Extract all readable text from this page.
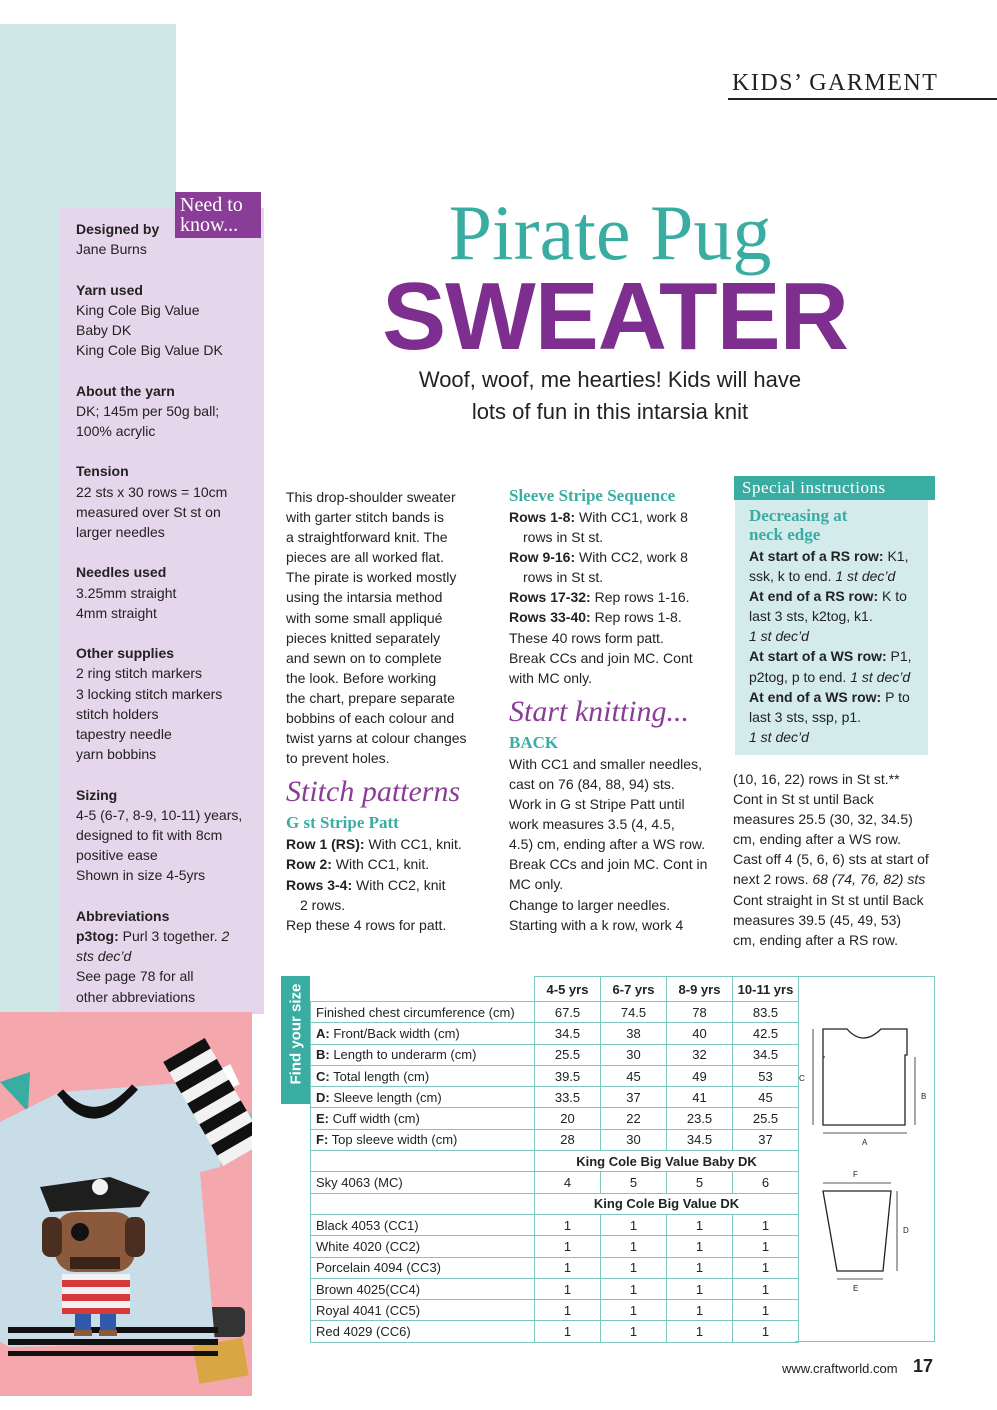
KIDS’ GARMENT
Need to
know...
Designed by
Jane Burns
Yarn used
King Cole Big Value
Baby DK
King Cole Big Value DK
About the yarn
DK; 145m per 50g ball;
100% acrylic
Tension
22 sts x 30 rows = 10cm
measured over St st on
larger needles
Needles used
3.25mm straight
4mm straight
Other supplies
2 ring stitch markers
3 locking stitch markers
stitch holders
tapestry needle
yarn bobbins
Sizing
4-5 (6-7, 8-9, 10-11) years,
designed to fit with 8cm
positive ease
Shown in size 4-5yrs
Abbreviations
p3tog: Purl 3 together. 2
sts dec’d
See page 78 for all
other abbreviations
Pirate Pug
SWEATER
Woof, woof, me hearties! Kids will have
lots of fun in this intarsia knit
This drop-shoulder sweater
with garter stitch bands is
a straightforward knit. The
pieces are all worked flat.
The pirate is worked mostly
using the intarsia method
with some small appliqué
pieces knitted separately
and sewn on to complete
the look. Before working
the chart, prepare separate
bobbins of each colour and
twist yarns at colour changes
to prevent holes.
Stitch patterns
G st Stripe Patt
Row 1 (RS): With CC1, knit.
Row 2: With CC1, knit.
Rows 3-4: With CC2, knit
2 rows.
Rep these 4 rows for patt.
Sleeve Stripe Sequence
Rows 1-8: With CC1, work 8
rows in St st.
Row 9-16: With CC2, work 8
rows in St st.
Rows 17-32: Rep rows 1-16.
Rows 33-40: Rep rows 1-8.
These 40 rows form patt.
Break CCs and join MC. Cont
with MC only.
Start knitting...
BACK
With CC1 and smaller needles,
cast on 76 (84, 88, 94) sts.
Work in G st Stripe Patt until
work measures 3.5 (4, 4.5,
4.5) cm, ending after a WS row.
Break CCs and join MC. Cont in
MC only.
Change to larger needles.
Starting with a k row, work 4
Special instructions
Decreasing at
neck edge
At start of a RS row: K1,
ssk, k to end. 1 st dec’d
At end of a RS row: K to
last 3 sts, k2tog, k1.
1 st dec’d
At start of a WS row: P1,
p2tog, p to end. 1 st dec’d
At end of a WS row: P to
last 3 sts, ssp, p1.
1 st dec’d
(10, 16, 22) rows in St st.**
Cont in St st until Back
measures 25.5 (30, 32, 34.5)
cm, ending after a WS row.
Cast off 4 (5, 6, 6) sts at start of
next 2 rows. 68 (74, 76, 82) sts
Cont straight in St st until Back
measures 39.5 (45, 49, 53)
cm, ending after a RS row.
Find your size
		4-5 yrs	6-7 yrs	8-9 yrs	10-11 yrs
Finished chest circumference (cm)	67.5	74.5	78	83.5
A: Front/Back width (cm)	34.5	38	40	42.5
B: Length to underarm (cm)	25.5	30	32	34.5
C: Total length (cm)	39.5	45	49	53
D: Sleeve length (cm)	33.5	37	41	45
E: Cuff width (cm)	20	22	23.5	25.5
F: Top sleeve width (cm)	28	30	34.5	37
	King Cole Big Value Baby DK			
Sky 4063 (MC)	4	5	5	6
	King Cole Big Value DK			
Black 4053 (CC1)	1	1	1	1
White 4020 (CC2)	1	1	1	1
Porcelain 4094 (CC3)	1	1	1	1
Brown 4025(CC4)	1	1	1	1
Royal 4041 (CC5)	1	1	1	1
Red 4029 (CC6)	1	1	1	1
C
B
A
F
D
E
www.craftworld.com 17
